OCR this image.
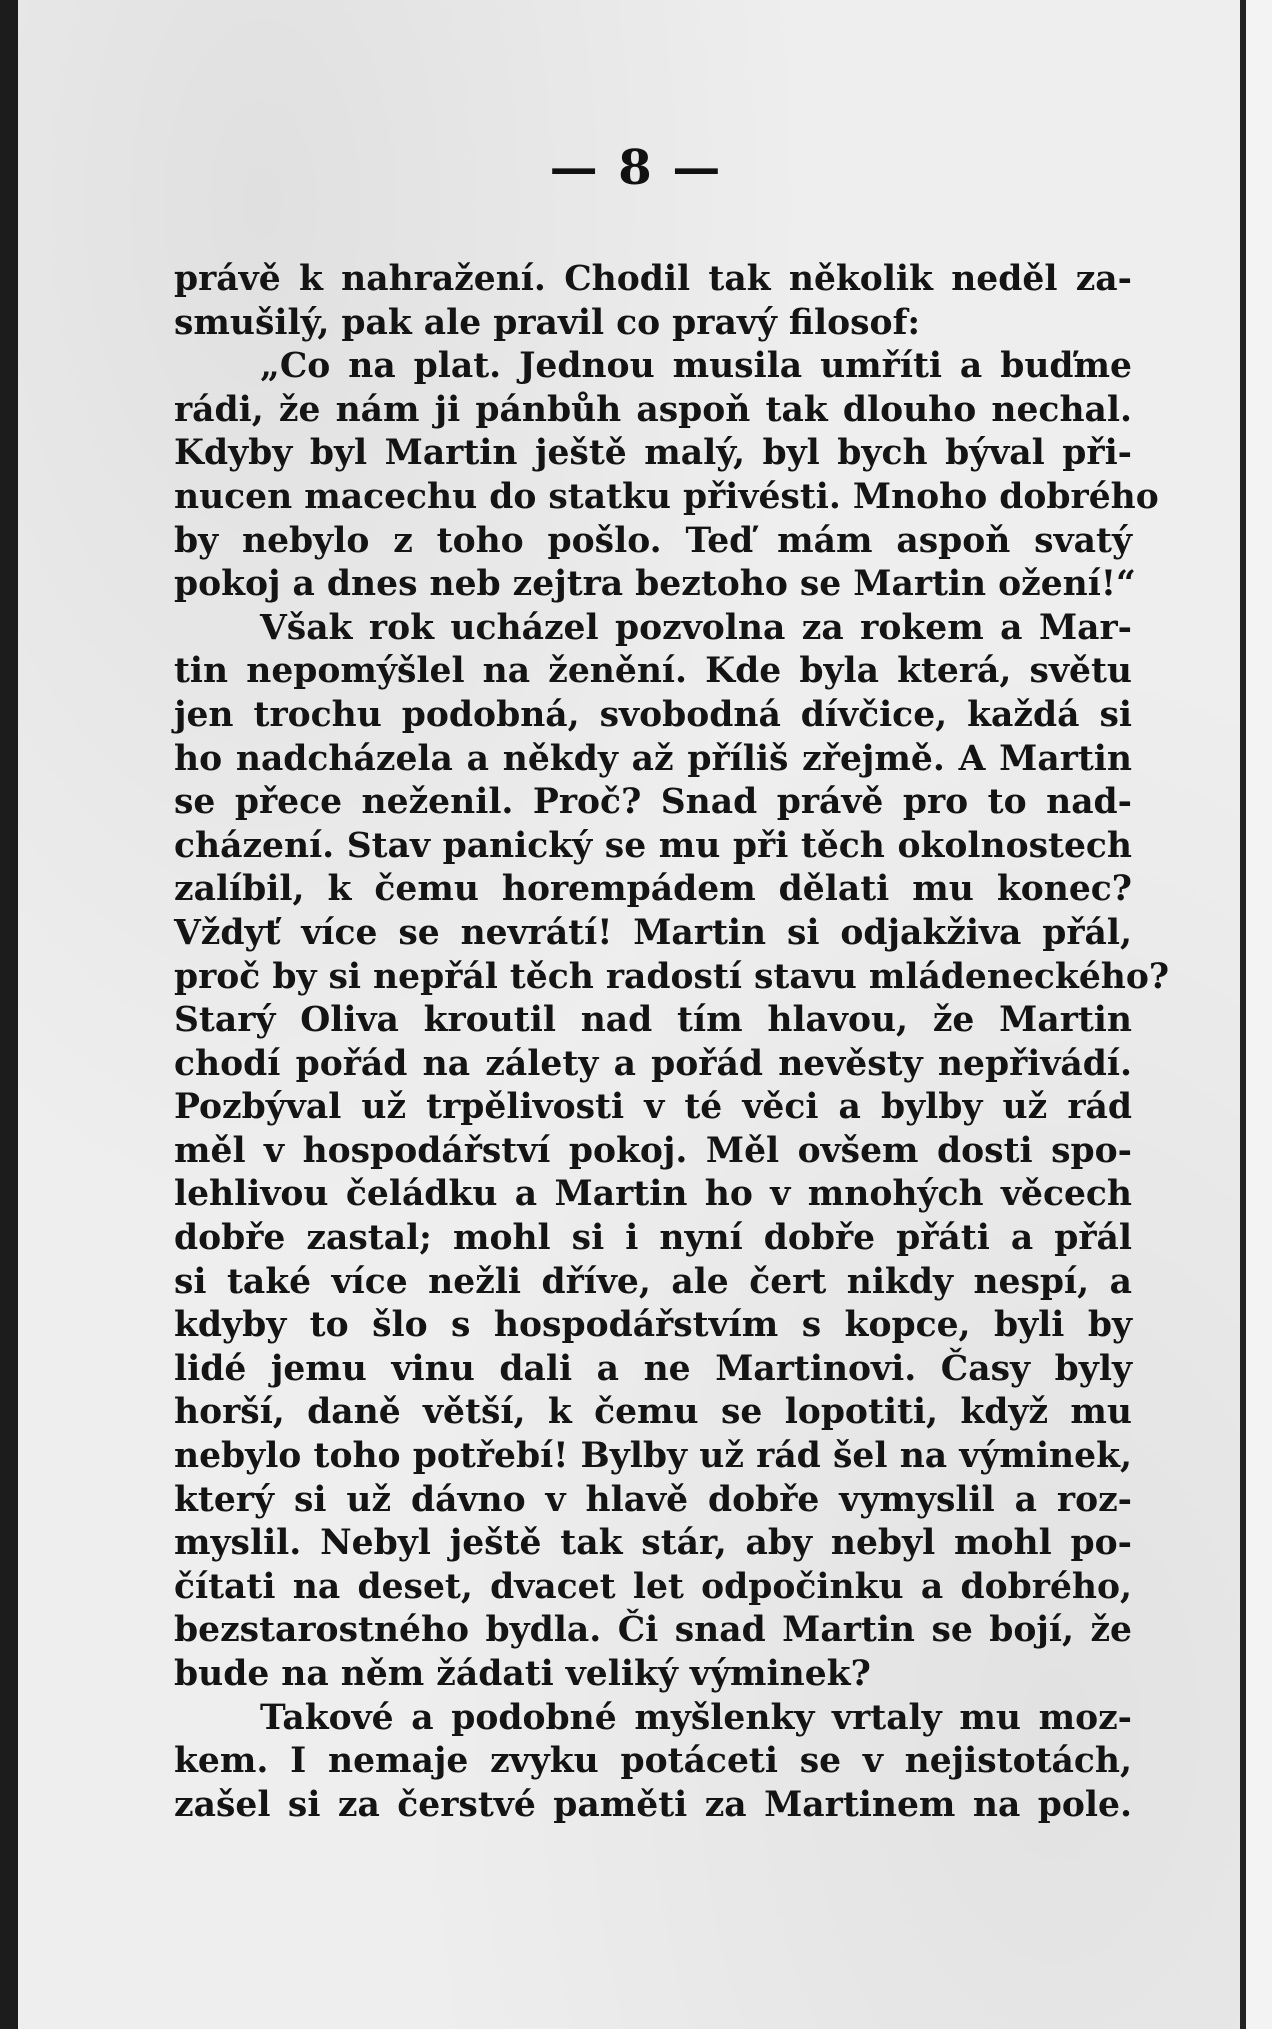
— 8 —
právě k nahražení. Chodil tak několik neděl za-
smušilý, pak ale pravil co pravý filosof:
„Co na plat. Jednou musila umříti a buďme
rádi, že nám ji pánbůh aspoň tak dlouho nechal.
Kdyby byl Martin ještě malý, byl bych býval při-
nucen macechu do statku přivésti. Mnoho dobrého
by nebylo z toho pošlo. Teď mám aspoň svatý
pokoj a dnes neb zejtra beztoho se Martin ožení!“
Však rok ucházel pozvolna za rokem a Mar-
tin nepomýšlel na ženění. Kde byla která, světu
jen trochu podobná, svobodná dívčice, každá si
ho nadcházela a někdy až příliš zřejmě. A Martin
se přece neženil. Proč? Snad právě pro to nad-
cházení. Stav panický se mu při těch okolnostech
zalíbil, k čemu horempádem dělati mu konec?
Vždyť více se nevrátí! Martin si odjakživa přál,
proč by si nepřál těch radostí stavu mládeneckého?
Starý Oliva kroutil nad tím hlavou, že Martin
chodí pořád na zálety a pořád nevěsty nepřivádí.
Pozbýval už trpělivosti v té věci a bylby už rád
měl v hospodářství pokoj. Měl ovšem dosti spo-
lehlivou čeládku a Martin ho v mnohých věcech
dobře zastal; mohl si i nyní dobře přáti a přál
si také více nežli dříve, ale čert nikdy nespí, a
kdyby to šlo s hospodářstvím s kopce, byli by
lidé jemu vinu dali a ne Martinovi. Časy byly
horší, daně větší, k čemu se lopotiti, když mu
nebylo toho potřebí! Bylby už rád šel na výminek,
který si už dávno v hlavě dobře vymyslil a roz-
myslil. Nebyl ještě tak stár, aby nebyl mohl po-
čítati na deset, dvacet let odpočinku a dobrého,
bezstarostného bydla. Či snad Martin se bojí, že
bude na něm žádati veliký výminek?
Takové a podobné myšlenky vrtaly mu moz-
kem. I nemaje zvyku potáceti se v nejistotách,
zašel si za čerstvé paměti za Martinem na pole.
